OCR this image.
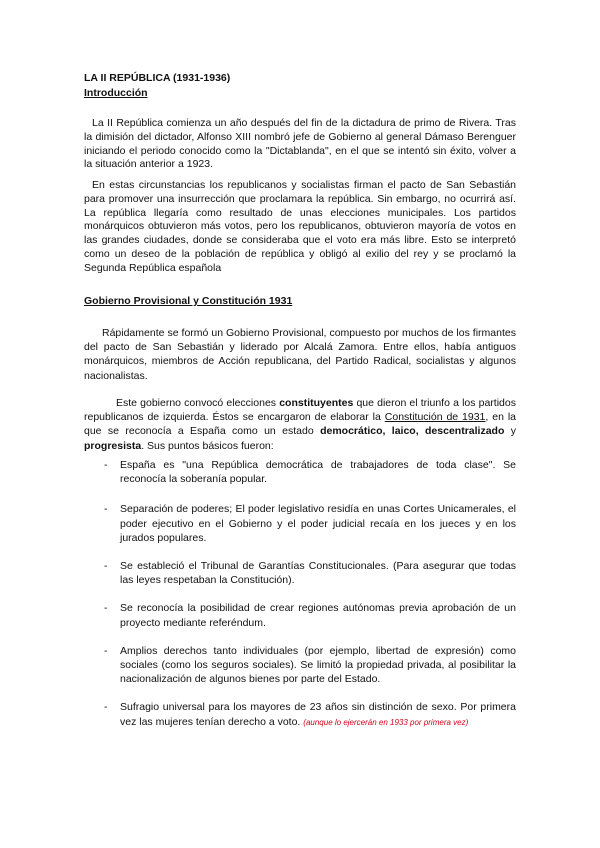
LA II REPÚBLICA (1931-1936)
Introducción

La II República comienza un año después del fin de la dictadura de primo de Rivera. Tras la dimisión del dictador, Alfonso XIII nombró jefe de Gobierno al general Dámaso Berenguer iniciando el periodo conocido como la "Dictablanda", en el que se intentó sin éxito, volver a la situación anterior a 1923.

En estas circunstancias los republicanos y socialistas firman el pacto de San Sebastián para promover una insurrección que proclamara la república. Sin embargo, no ocurrirá así. La república llegaría como resultado de unas elecciones municipales. Los partidos monárquicos obtuvieron más votos, pero los republicanos, obtuvieron mayoría de votos en las grandes ciudades, donde se consideraba que el voto era más libre. Esto se interpretó como un deseo de la población de república y obligó al exilio del rey y se proclamó la Segunda República española

Gobierno Provisional y Constitución 1931

Rápidamente se formó un Gobierno Provisional, compuesto por muchos de los firmantes del pacto de San Sebastián y liderado por Alcalá Zamora. Entre ellos, había antiguos monárquicos, miembros de Acción republicana, del Partido Radical, socialistas y algunos nacionalistas.

Este gobierno convocó elecciones constituyentes que dieron el triunfo a los partidos republicanos de izquierda. Éstos se encargaron de elaborar la Constitución de 1931, en la que se reconocía a España como un estado democrático, laico, descentralizado y progresista. Sus puntos básicos fueron:

- España es "una República democrática de trabajadores de toda clase". Se reconocía la soberanía popular.
- Separación de poderes; El poder legislativo residía en unas Cortes Unicamerales, el poder ejecutivo en el Gobierno y el poder judicial recaía en los jueces y en los jurados populares.
- Se estableció el Tribunal de Garantías Constitucionales. (Para asegurar que todas las leyes respetaban la Constitución).
- Se reconocía la posibilidad de crear regiones autónomas previa aprobación de un proyecto mediante referéndum.
- Amplios derechos tanto individuales (por ejemplo, libertad de expresión) como sociales (como los seguros sociales). Se limitó la propiedad privada, al posibilitar la nacionalización de algunos bienes por parte del Estado.
- Sufragio universal para los mayores de 23 años sin distinción de sexo. Por primera vez las mujeres tenían derecho a voto. (aunque lo ejercerán en 1933 por primera vez)
